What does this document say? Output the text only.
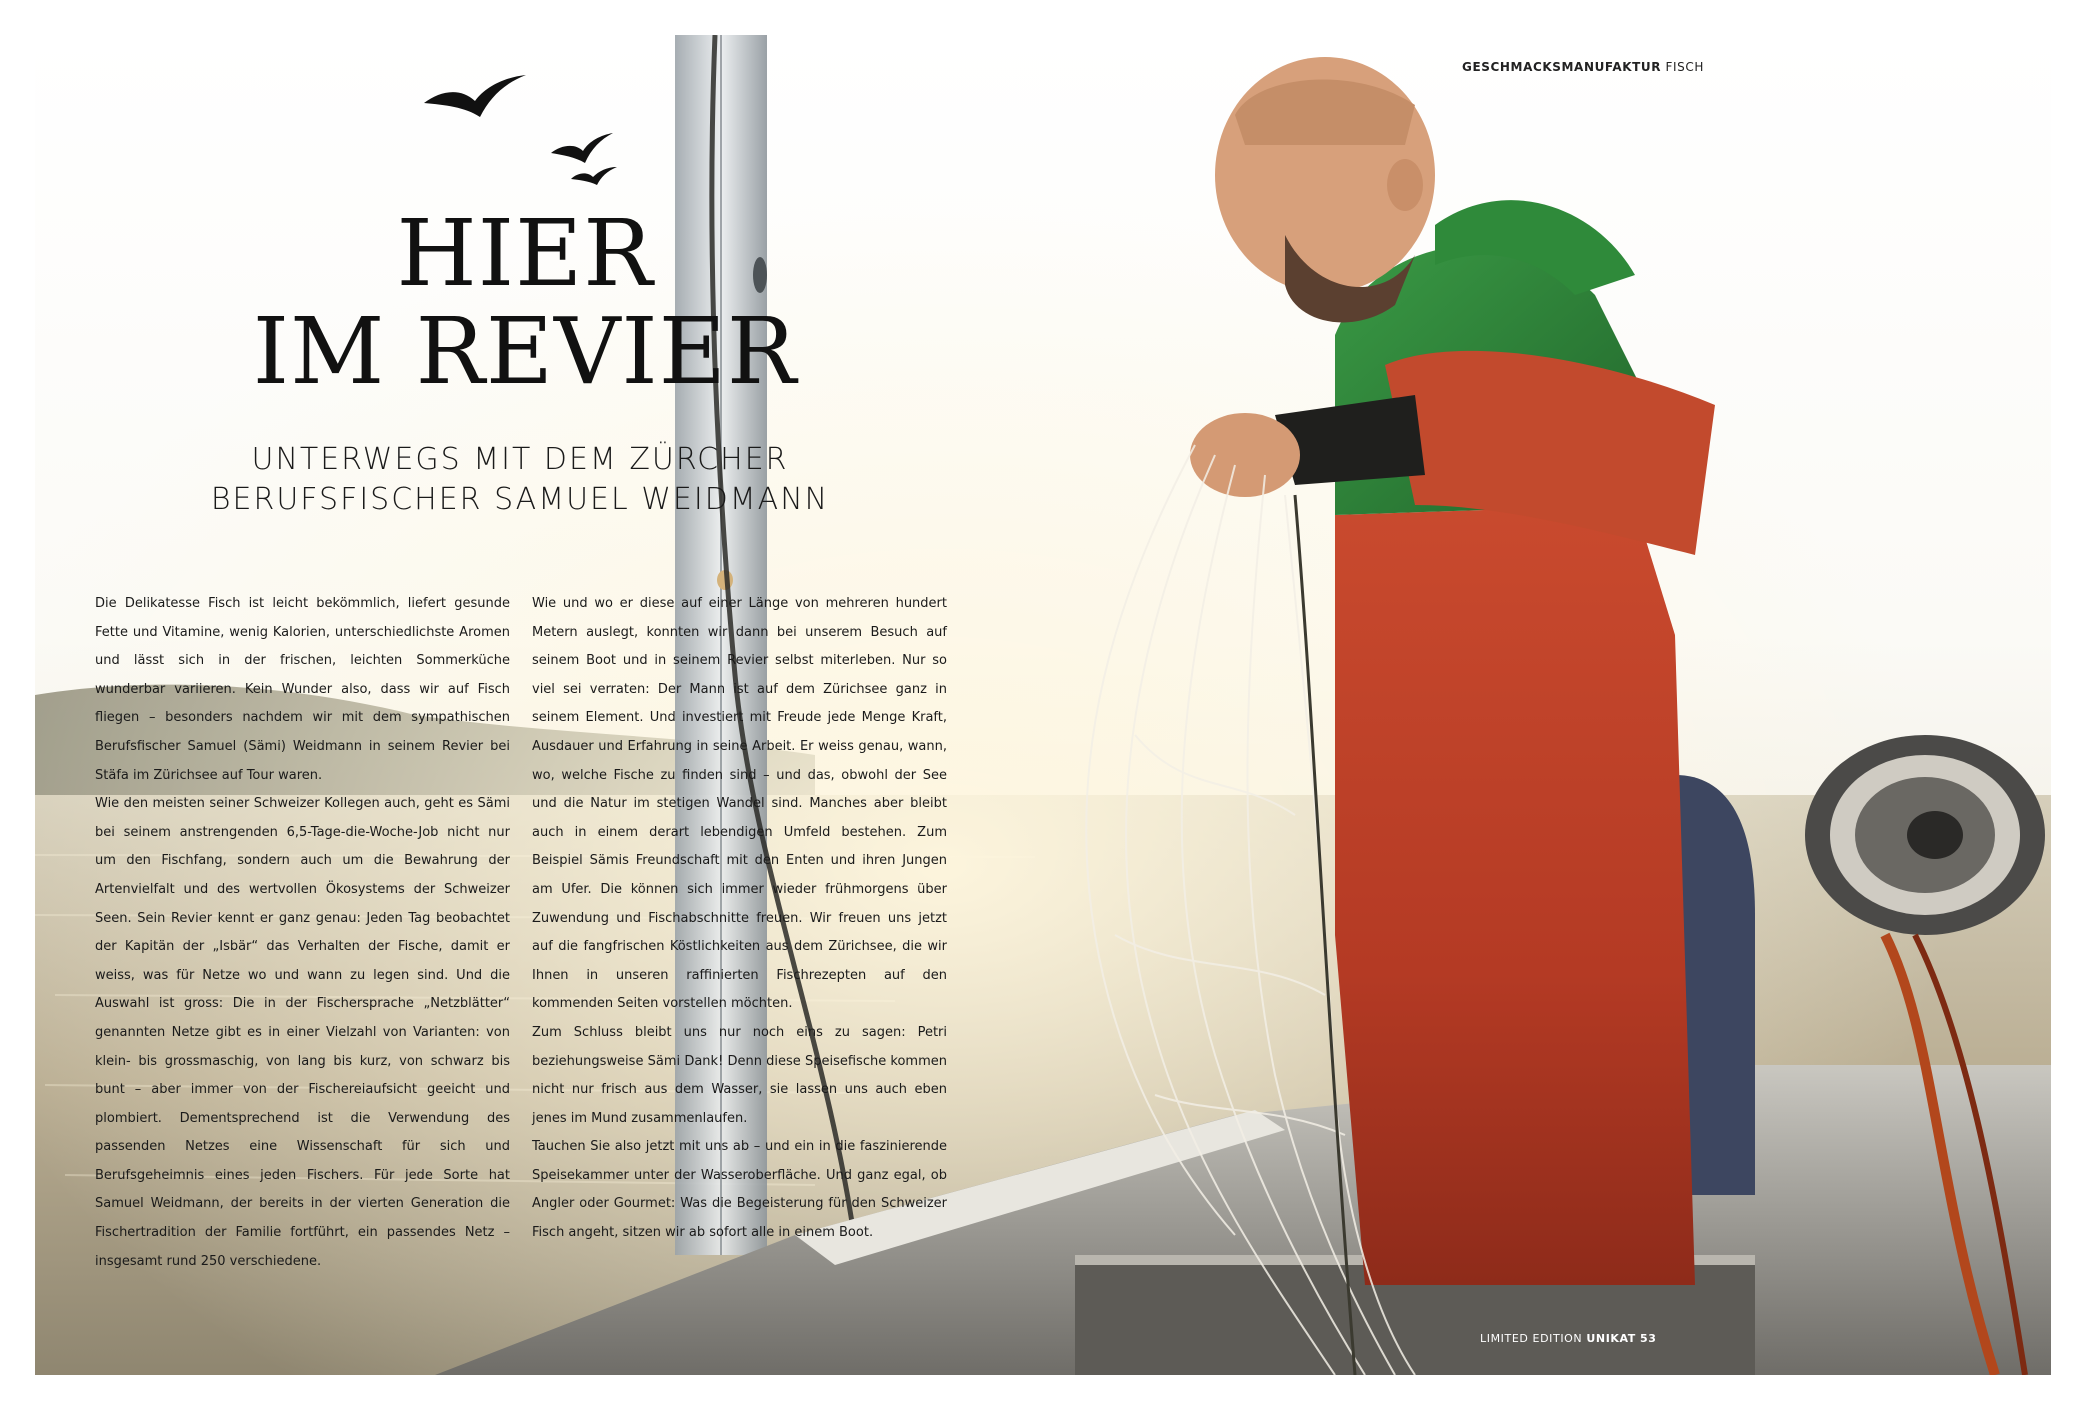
GESCHMACKSMANUFAKTUR FISCH
HIER
IM REVIER
UNTERWEGS MIT DEM ZÜRCHER
BERUFSFISCHER SAMUEL WEIDMANN

Die Delikatesse Fisch ist leicht bekömmlich, liefert gesunde Fette und Vitamine, wenig Kalorien, unterschiedlichste Aromen und lässt sich in der frischen, leichten Sommerküche wunderbar variieren. Kein Wunder also, dass wir auf Fisch fliegen – besonders nachdem wir mit dem sympathischen Berufsfischer Samuel (Sämi) Weidmann in seinem Revier bei Stäfa im Zürichsee auf Tour waren.

Wie den meisten seiner Schweizer Kollegen auch, geht es Sämi bei seinem anstrengenden 6,5-Tage-die-Woche-Job nicht nur um den Fischfang, sondern auch um die Bewahrung der Artenvielfalt und des wertvollen Ökosystems der Schweizer Seen. Sein Revier kennt er ganz genau: Jeden Tag beobachtet der Kapitän der „Isbär“ das Verhalten der Fische, damit er weiss, was für Netze wo und wann zu legen sind. Und die Auswahl ist gross: Die in der Fischersprache „Netzblätter“ genannten Netze gibt es in einer Vielzahl von Varianten: von klein- bis grossmaschig, von lang bis kurz, von schwarz bis bunt – aber immer von der Fischereiaufsicht geeicht und plombiert. Dementsprechend ist die Verwendung des passenden Netzes eine Wissenschaft für sich und Berufsgeheimnis eines jeden Fischers. Für jede Sorte hat Samuel Weidmann, der bereits in der vierten Generation die Fischertradition der Familie fortführt, ein passendes Netz – insgesamt rund 250 verschiedene.

Wie und wo er diese auf einer Länge von mehreren hundert Metern auslegt, konnten wir dann bei unserem Besuch auf seinem Boot und in seinem Revier selbst miterleben. Nur so viel sei verraten: Der Mann ist auf dem Zürichsee ganz in seinem Element. Und investiert mit Freude jede Menge Kraft, Ausdauer und Erfahrung in seine Arbeit. Er weiss genau, wann, wo, welche Fische zu finden sind – und das, obwohl der See und die Natur im stetigen Wandel sind. Manches aber bleibt auch in einem derart lebendigen Umfeld bestehen. Zum Beispiel Sämis Freundschaft mit den Enten und ihren Jungen am Ufer. Die können sich immer wieder frühmorgens über Zuwendung und Fischabschnitte freuen. Wir freuen uns jetzt auf die fangfrischen Köstlichkeiten aus dem Zürichsee, die wir Ihnen in unseren raffinierten Fischrezepten auf den kommenden Seiten vorstellen möchten.

Zum Schluss bleibt uns nur noch eins zu sagen: Petri beziehungsweise Sämi Dank! Denn diese Speisefische kommen nicht nur frisch aus dem Wasser, sie lassen uns auch eben jenes im Mund zusammenlaufen.

Tauchen Sie also jetzt mit uns ab – und ein in die faszinierende Speisekammer unter der Wasseroberfläche. Und ganz egal, ob Angler oder Gourmet: Was die Begeisterung für den Schweizer Fisch angeht, sitzen wir ab sofort alle in einem Boot.

LIMITED EDITION UNIKAT 53
